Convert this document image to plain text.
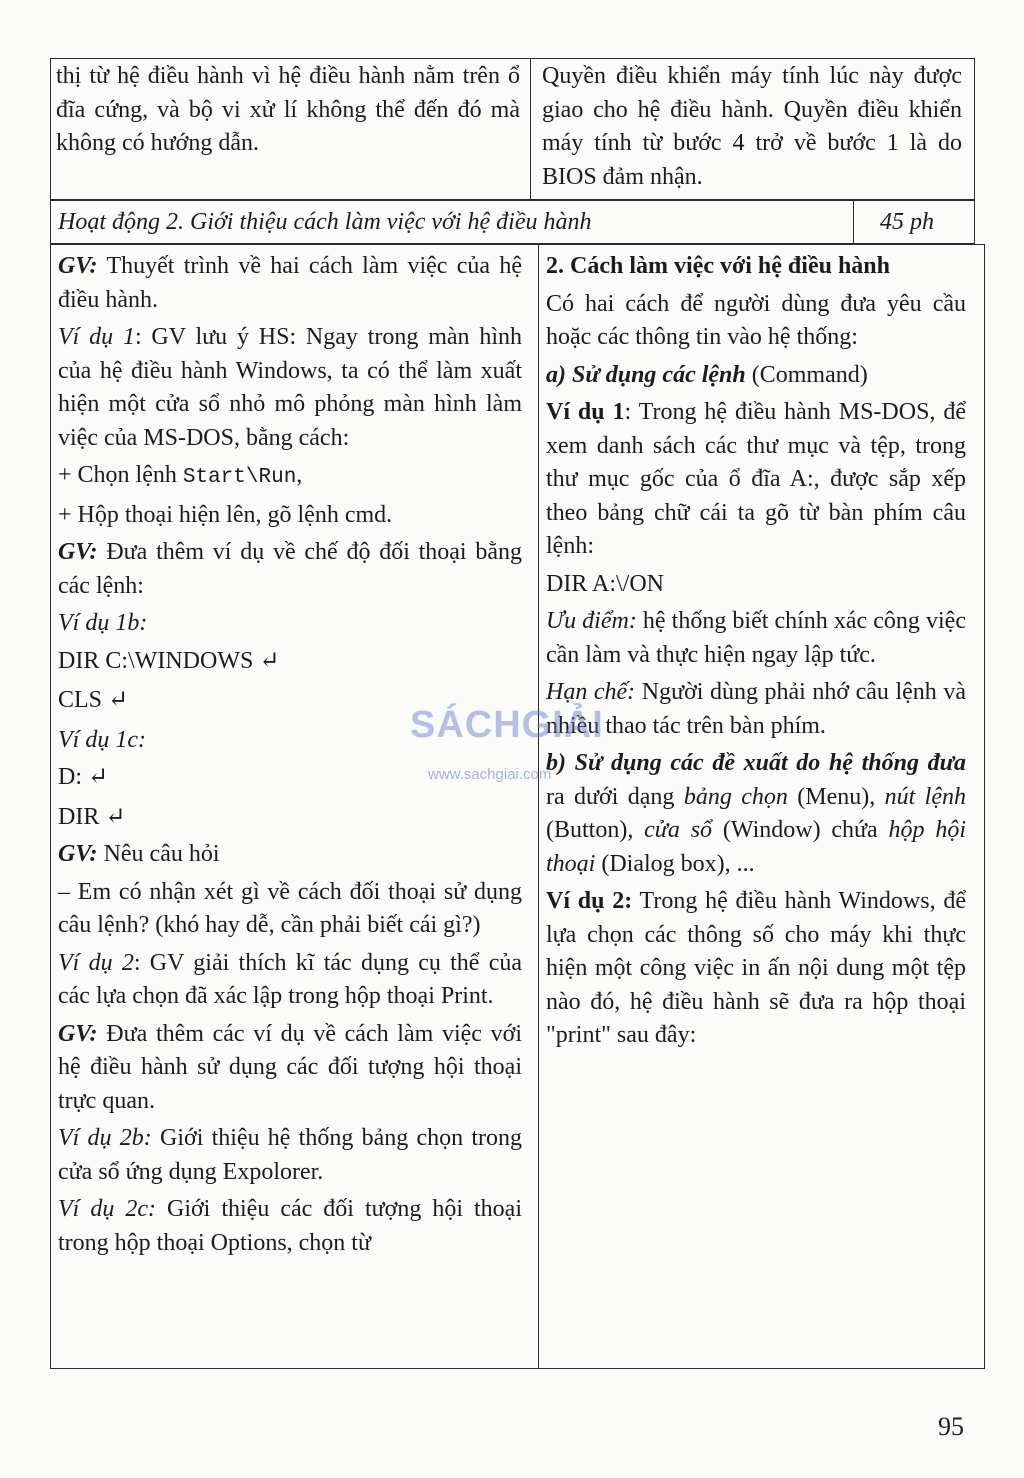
thị từ hệ điều hành vì hệ điều hành nằm trên ổ đĩa cứng, và bộ vi xử lí không thể đến đó mà không có hướng dẫn.

Quyền điều khiển máy tính lúc này được giao cho hệ điều hành. Quyền điều khiển máy tính từ bước 4 trở về bước 1 là do BIOS đảm nhận.

Hoạt động 2. Giới thiệu cách làm việc với hệ điều hành	45 ph

GV: Thuyết trình về hai cách làm việc của hệ điều hành.

Ví dụ 1: GV lưu ý HS: Ngay trong màn hình của hệ điều hành Windows, ta có thể làm xuất hiện một cửa sổ nhỏ mô phỏng màn hình làm việc của MS-DOS, bằng cách:

+ Chọn lệnh Start\Run,

+ Hộp thoại hiện lên, gõ lệnh cmd.

GV: Đưa thêm ví dụ về chế độ đối thoại bằng các lệnh:

Ví dụ 1b:

DIR C:\WINDOWS ↵

CLS ↵

Ví dụ 1c:

D: ↵

DIR ↵

GV: Nêu câu hỏi

– Em có nhận xét gì về cách đối thoại sử dụng câu lệnh? (khó hay dễ, cần phải biết cái gì?)

Ví dụ 2: GV giải thích kĩ tác dụng cụ thể của các lựa chọn đã xác lập trong hộp thoại Print.

GV: Đưa thêm các ví dụ về cách làm việc với hệ điều hành sử dụng các đối tượng hội thoại trực quan.

Ví dụ 2b: Giới thiệu hệ thống bảng chọn trong cửa sổ ứng dụng Expolorer.

Ví dụ 2c: Giới thiệu các đối tượng hội thoại trong hộp thoại Options, chọn từ

2. Cách làm việc với hệ điều hành

Có hai cách để người dùng đưa yêu cầu hoặc các thông tin vào hệ thống:

a) Sử dụng các lệnh (Command)

Ví dụ 1: Trong hệ điều hành MS-DOS, để xem danh sách các thư mục và tệp, trong thư mục gốc của ổ đĩa A:, được sắp xếp theo bảng chữ cái ta gõ từ bàn phím câu lệnh:

DIR A:\/ON

Ưu điểm: hệ thống biết chính xác công việc cần làm và thực hiện ngay lập tức.

Hạn chế: Người dùng phải nhớ câu lệnh và nhiều thao tác trên bàn phím.

b) Sử dụng các đề xuất do hệ thống đưa ra dưới dạng bảng chọn (Menu), nút lệnh (Button), cửa sổ (Window) chứa hộp hội thoại (Dialog box), ...

Ví dụ 2: Trong hệ điều hành Windows, để lựa chọn các thông số cho máy khi thực hiện một công việc in ấn nội dung một tệp nào đó, hệ điều hành sẽ đưa ra hộp thoại "print" sau đây:

SÁCHGIẢI
www.sachgiai.com
95
